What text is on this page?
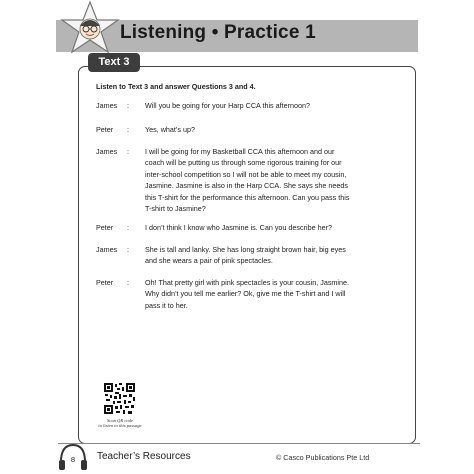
Listening • Practice 1
Text 3
Listen to Text 3 and answer Questions 3 and 4.
James : Will you be going for your Harp CCA this afternoon?
Peter : Yes, what’s up?
James : I will be going for my Basketball CCA this afternoon and our
coach will be putting us through some rigorous training for our
inter-school competition so I will not be able to meet my cousin,
Jasmine. Jasmine is also in the Harp CCA. She says she needs
this T-shirt for the performance this afternoon. Can you pass this
T-shirt to Jasmine?
Peter : I don’t think I know who Jasmine is. Can you describe her?
James : She is tall and lanky. She has long straight brown hair, big eyes
and she wears a pair of pink spectacles.
Peter : Oh! That pretty girl with pink spectacles is your cousin, Jasmine.
Why didn’t you tell me earlier? Ok, give me the T-shirt and I will
pass it to her.
Scan QR code
to listen to this passage
8	Teacher’s Resources	© Casco Publications Pte Ltd
